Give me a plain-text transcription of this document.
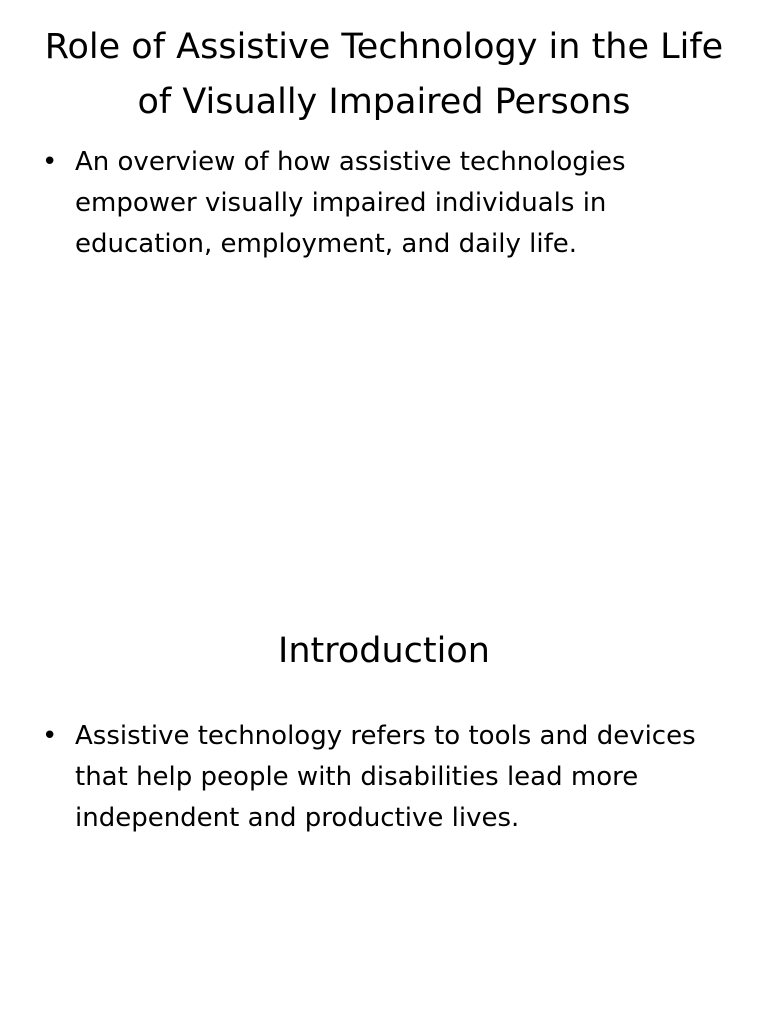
Role of Assistive Technology in the Life of Visually Impaired Persons
• An overview of how assistive technologies empower visually impaired individuals in education, employment, and daily life.
Introduction
• Assistive technology refers to tools and devices that help people with disabilities lead more independent and productive lives.
